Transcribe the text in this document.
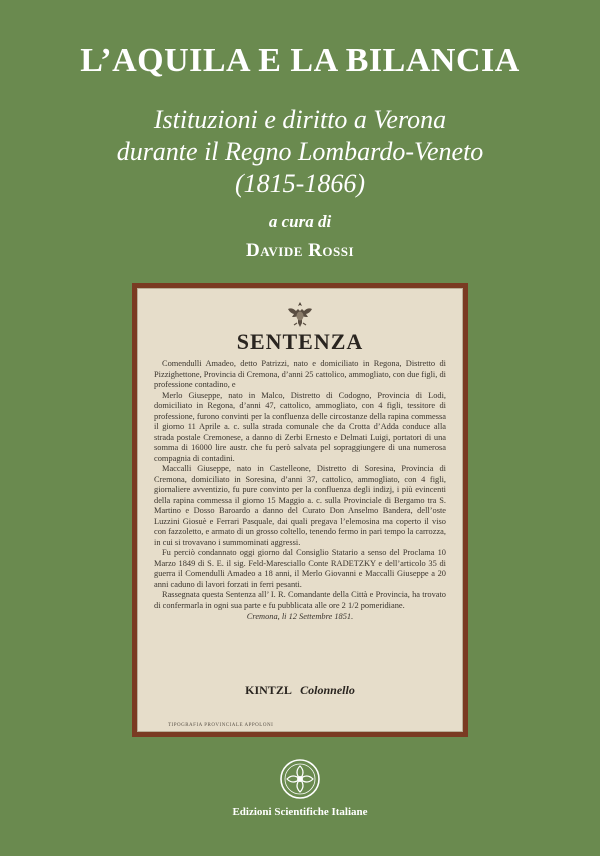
L’AQUILA E LA BILANCIA
Istituzioni e diritto a Verona
durante il Regno Lombardo-Veneto
(1815-1866)
a cura di
Davide Rossi
SENTENZA

Comendulli Amadeo, detto Patrizzi, nato e domiciliato in Regona, Distretto di Pizzighettone, Provincia di Cremona, d’anni 25 cattolico, ammogliato, con due figli, di professione contadino, e

Merlo Giuseppe, nato in Malco, Distretto di Codogno, Provincia di Lodi, domiciliato in Regona, d’anni 47, cattolico, ammogliato, con 4 figli, tessitore di professione, furono convinti per la confluenza delle circostanze della rapina commessa il giorno 11 Aprile a. c. sulla strada comunale che da Crotta d’Adda conduce alla strada postale Cremonese, a danno di Zerbi Ernesto e Delmati Luigi, portatori di una somma di 16000 lire austr. che fu però salvata pel sopraggiungere di una numerosa compagnia di contadini.

Maccalli Giuseppe, nato in Castelleone, Distretto di Soresina, Provincia di Cremona, domiciliato in Soresina, d’anni 37, cattolico, ammogliato, con 4 figli, giornaliere avventizio, fu pure convinto per la confluenza degli indizj, i più evincenti della rapina commessa il giorno 15 Maggio a. c. sulla Provinciale di Bergamo tra S. Martino e Dosso Baroardo a danno del Curato Don Anselmo Bandera, dell’oste Luzzini Giosuè e Ferrari Pasquale, dai quali pregava l’elemosina ma coperto il viso con fazzoletto, e armato di un grosso coltello, tenendo fermo in pari tempo la carrozza, in cui si trovavano i summominati aggressi.

Fu perciò condannato oggi giorno dal Consiglio Statario a senso del Proclama 10 Marzo 1849 di S. E. il sig. Feld-Maresciallo Conte RADETZKY e dell’articolo 35 di guerra il Comendulli Amadeo a 18 anni, il Merlo Giovanni e Maccalli Giuseppe a 20 anni caduno di lavori forzati in ferri pesanti.

Rassegnata questa Sentenza all’ I. R. Comandante della Città e Provincia, ha trovato di confermarla in ogni sua parte e fu pubblicata alle ore 2 1/2 pomeridiane.

Cremona, li 12 Settembre 1851.

KINTZL Colonnello
TIPOGRAFIA PROVINCIALE APPOLONI
Edizioni Scientifiche Italiane
